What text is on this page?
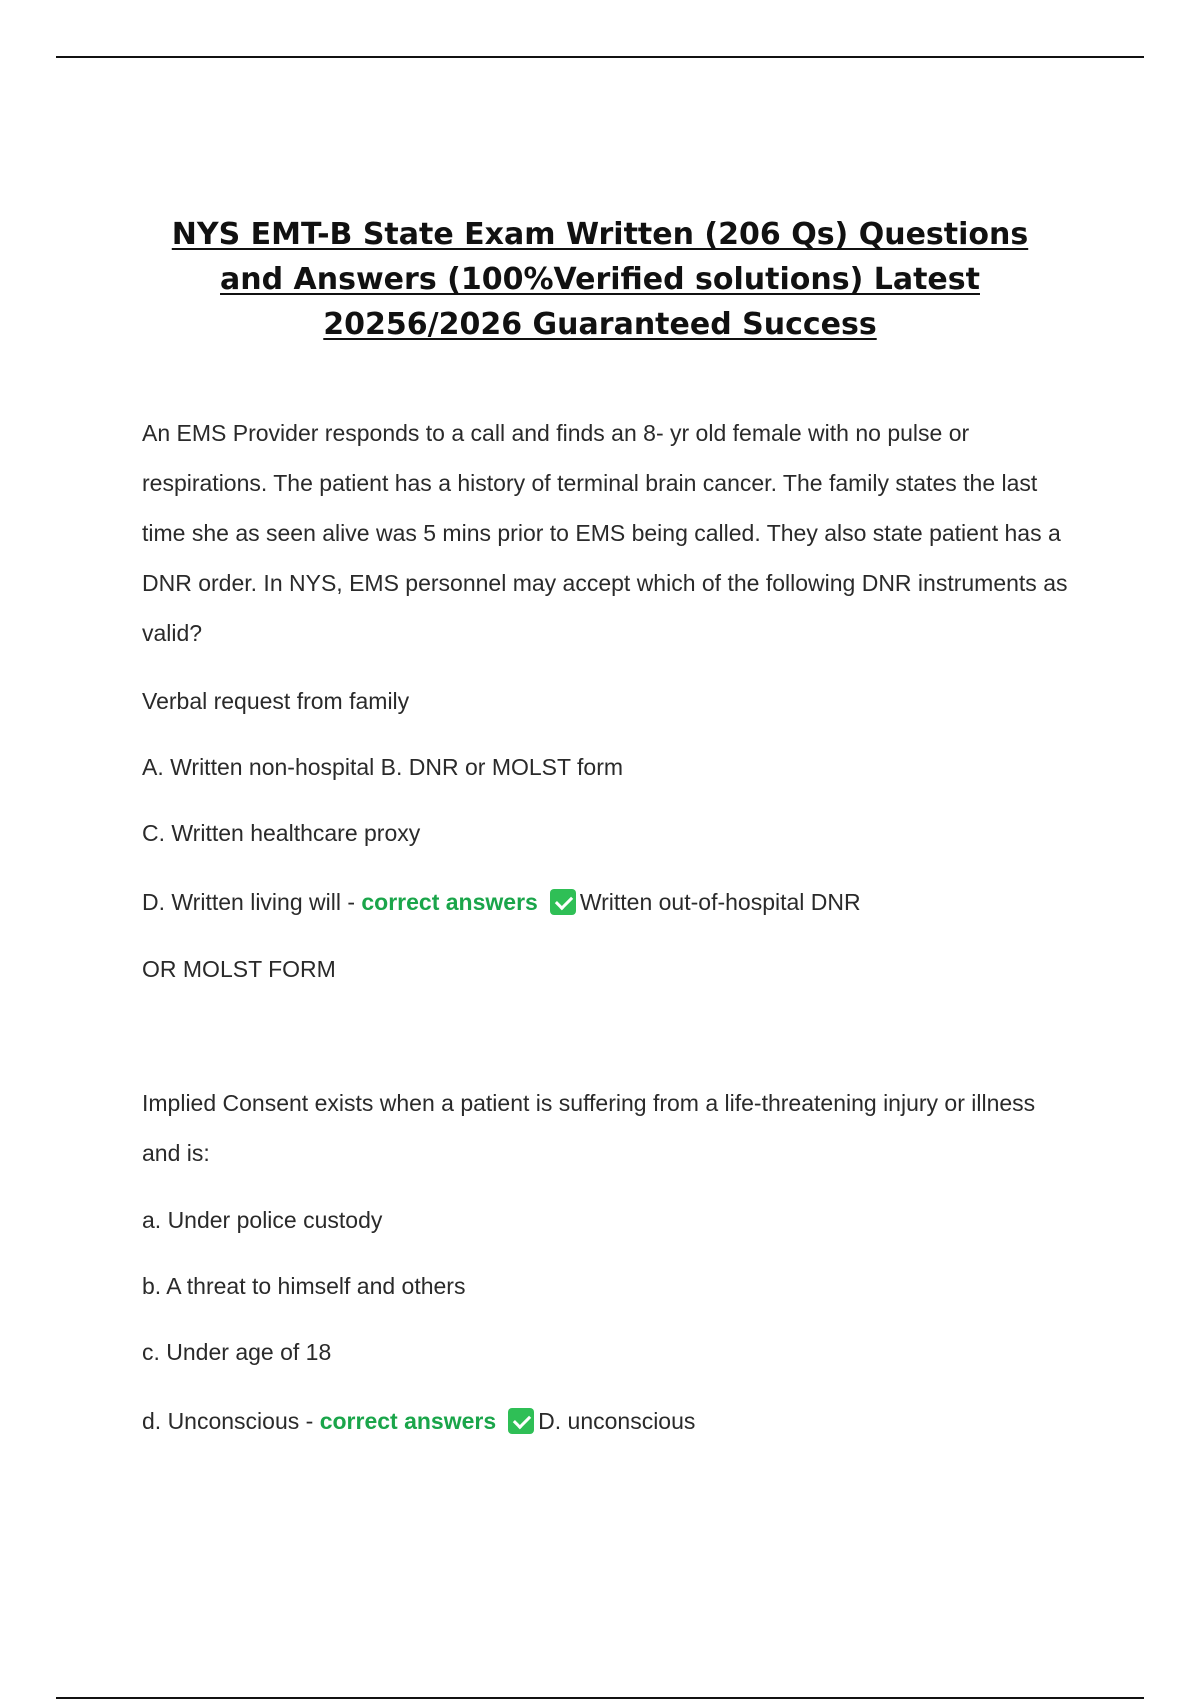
NYS EMT-B State Exam Written (206 Qs) Questions
and Answers (100%Verified solutions) Latest
20256/2026 Guaranteed Success

An EMS Provider responds to a call and finds an 8- yr old female with no pulse or respirations. The patient has a history of terminal brain cancer. The family states the last time she as seen alive was 5 mins prior to EMS being called. They also state patient has a DNR order. In NYS, EMS personnel may accept which of the following DNR instruments as valid?

Verbal request from family
A. Written non-hospital B. DNR or MOLST form
C. Written healthcare proxy
D. Written living will - correct answers Written out-of-hospital DNR
OR MOLST FORM

Implied Consent exists when a patient is suffering from a life-threatening injury or illness and is:

a. Under police custody
b. A threat to himself and others
c. Under age of 18
d. Unconscious - correct answers D. unconscious
